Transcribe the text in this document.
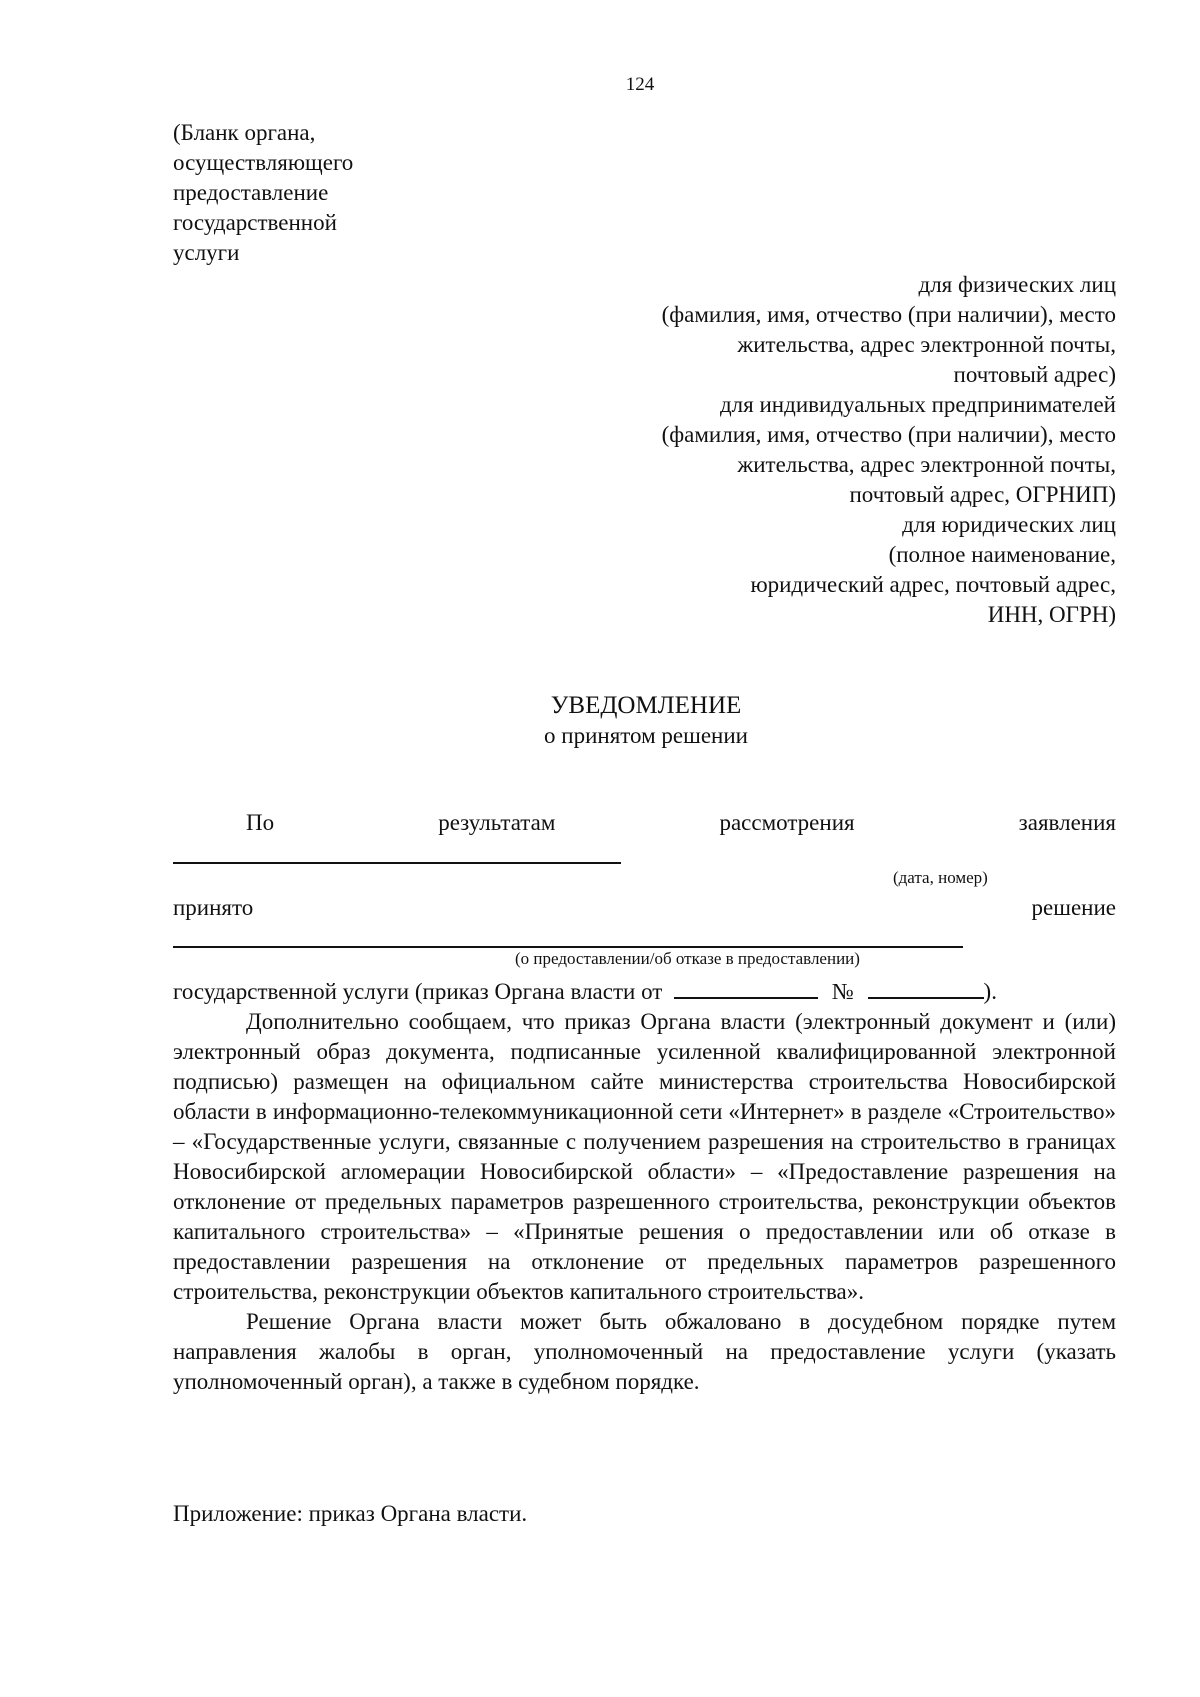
124
(Бланк органа,
осуществляющего
предоставление
государственной
услуги
для физических лиц
(фамилия, имя, отчество (при наличии), место
жительства, адрес электронной почты,
почтовый адрес)
для индивидуальных предпринимателей
(фамилия, имя, отчество (при наличии), место
жительства, адрес электронной почты,
почтовый адрес, ОГРНИП)
для юридических лиц
(полное наименование,
юридический адрес, почтовый адрес,
ИНН, ОГРН)
УВЕДОМЛЕНИЕ
о принятом решении
По	результатам	рассмотрения	заявления
(дата, номер)
принято	решение
(о предоставлении/об отказе в предоставлении)
государственной услуги (приказ Органа власти от	№	).

Дополнительно сообщаем, что приказ Органа власти (электронный документ и (или) электронный образ документа, подписанные усиленной квалифицированной электронной подписью) размещен на официальном сайте министерства строительства Новосибирской области в информационно-телекоммуникационной сети «Интернет» в разделе «Строительство» – «Государственные услуги, связанные с получением разрешения на строительство в границах Новосибирской агломерации Новосибирской области» – «Предоставление разрешения на отклонение от предельных параметров разрешенного строительства, реконструкции объектов капитального строительства» – «Принятые решения о предоставлении или об отказе в предоставлении разрешения на отклонение от предельных параметров разрешенного строительства, реконструкции объектов капитального строительства».

Решение Органа власти может быть обжаловано в досудебном порядке путем направления жалобы в орган, уполномоченный на предоставление услуги (указать уполномоченный орган), а также в судебном порядке.

Приложение: приказ Органа власти.
